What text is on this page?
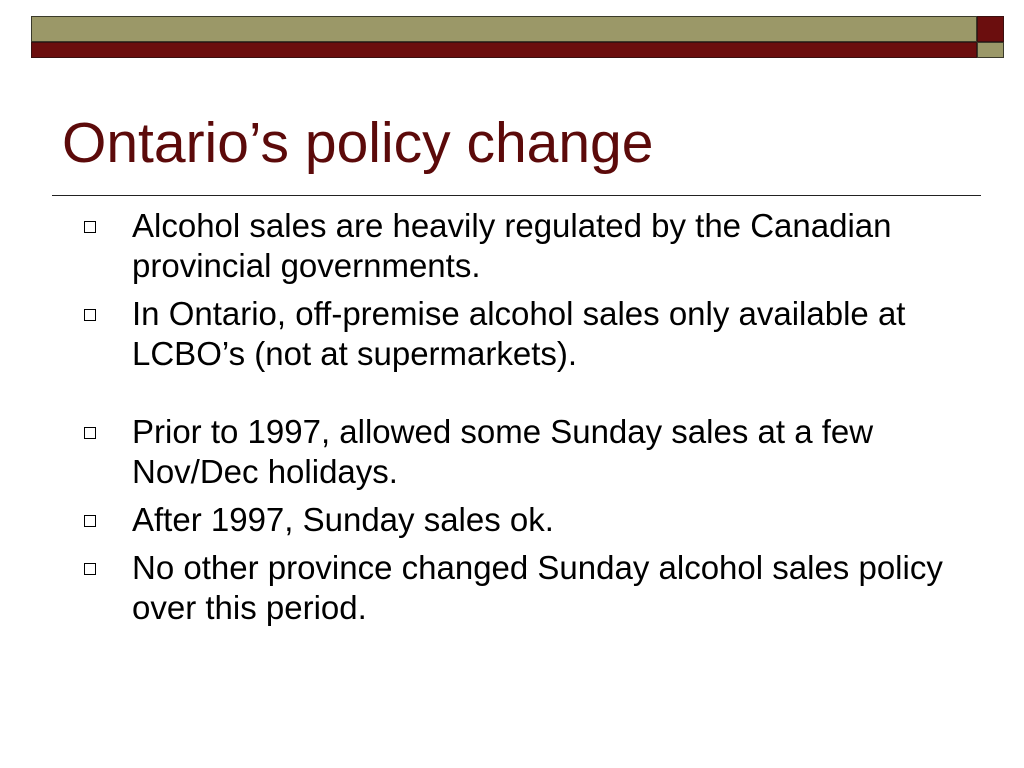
Ontario’s policy change
Alcohol sales are heavily regulated by the Canadian provincial governments.
In Ontario, off-premise alcohol sales only available at LCBO’s (not at supermarkets).
Prior to 1997, allowed some Sunday sales at a few Nov/Dec holidays.
After 1997, Sunday sales ok.
No other province changed Sunday alcohol sales policy over this period.
